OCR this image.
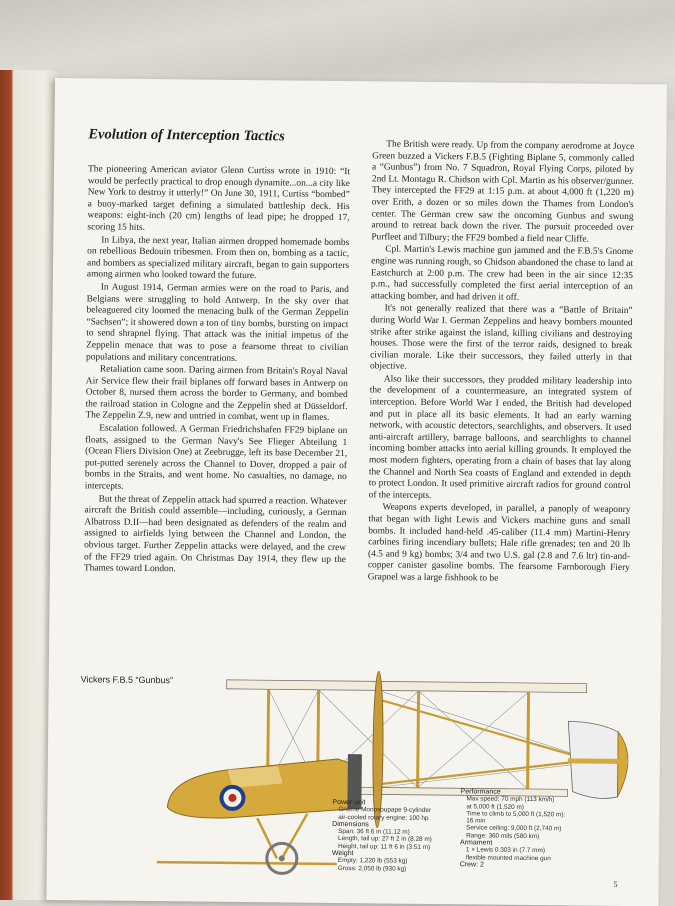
Evolution of Interception Tactics

The pioneering American aviator Glenn Curtiss wrote in 1910: “It would be perfectly practical to drop enough dynamite...on...a city like New York to destroy it utterly!” On June 30, 1911, Curtiss “bombed” a buoy-marked target defining a simulated battleship deck. His weapons: eight-inch (20 cm) lengths of lead pipe; he dropped 17, scoring 15 hits.

In Libya, the next year, Italian airmen dropped homemade bombs on rebellious Bedouin tribesmen. From then on, bombing as a tactic, and bombers as specialized military aircraft, began to gain supporters among airmen who looked toward the future.

In August 1914, German armies were on the road to Paris, and Belgians were struggling to hold Antwerp. In the sky over that beleaguered city loomed the menacing bulk of the German Zeppelin “Sachsen”; it showered down a ton of tiny bombs, bursting on impact to send shrapnel flying. That attack was the initial impetus of the Zeppelin menace that was to pose a fearsome threat to civilian populations and military concentrations.

Retaliation came soon. Daring airmen from Britain's Royal Naval Air Service flew their frail biplanes off forward bases in Antwerp on October 8, nursed them across the border to Germany, and bombed the railroad station in Cologne and the Zeppelin shed at Düsseldorf. The Zeppelin Z.9, new and untried in combat, went up in flames.

Escalation followed. A German Friedrichshafen FF29 biplane on floats, assigned to the German Navy's See Flieger Abteilung 1 (Ocean Fliers Division One) at Zeebrugge, left its base December 21, put-putted serenely across the Channel to Dover, dropped a pair of bombs in the Straits, and went home. No casualties, no damage, no intercepts.

But the threat of Zeppelin attack had spurred a reaction. Whatever aircraft the British could assemble—including, curiously, a German Albatross D.II—had been designated as defenders of the realm and assigned to airfields lying between the Channel and London, the obvious target. Further Zeppelin attacks were delayed, and the crew of the FF29 tried again. On Christmas Day 1914, they flew up the Thames toward London.

The British were ready. Up from the company aerodrome at Joyce Green buzzed a Vickers F.B.5 (Fighting Biplane 5, commonly called a “Gunbus”) from No. 7 Squadron, Royal Flying Corps, piloted by 2nd Lt. Montagu R. Chidson with Cpl. Martin as his observer/gunner. They intercepted the FF29 at 1:15 p.m. at about 4,000 ft (1,220 m) over Erith, a dozen or so miles down the Thames from London's center. The German crew saw the oncoming Gunbus and swung around to retreat back down the river. The pursuit proceeded over Purfleet and Tilbury; the FF29 bombed a field near Cliffe.

Cpl. Martin's Lewis machine gun jammed and the F.B.5's Gnome engine was running rough, so Chidson abandoned the chase to land at Eastchurch at 2:00 p.m. The crew had been in the air since 12:35 p.m., had successfully completed the first aerial interception of an attacking bomber, and had driven it off.

It's not generally realized that there was a “Battle of Britain” during World War I. German Zeppelins and heavy bombers mounted strike after strike against the island, killing civilians and destroying houses. Those were the first of the terror raids, designed to break civilian morale. Like their successors, they failed utterly in that objective.

Also like their successors, they prodded military leadership into the development of a countermeasure, an integrated system of interception. Before World War I ended, the British had developed and put in place all its basic elements. It had an early warning network, with acoustic detectors, searchlights, and observers. It used anti-aircraft artillery, barrage balloons, and searchlights to channel incoming bomber attacks into aerial killing grounds. It employed the most modern fighters, operating from a chain of bases that lay along the Channel and North Sea coasts of England and extended in depth to protect London. It used primitive aircraft radios for ground control of the intercepts.

Weapons experts developed, in parallel, a panoply of weaponry that began with light Lewis and Vickers machine guns and small bombs. It included hand-held .45-caliber (11.4 mm) Martini-Henry carbines firing incendiary bullets; Hale rifle grenades; ten and 20 lb (4.5 and 9 kg) bombs; 3/4 and two U.S. gal (2.8 and 7.6 ltr) tin-and-copper canister gasoline bombs. The fearsome Farnborough Fiery Grapnel was a large fishhook to be

Vickers F.B.5 “Gunbus”
Power unit
Gnôme Monosoupape 9-cylinder
air-cooled rotary engine: 100 hp
Dimensions
Span: 36 ft 6 in (11.12 m)
Length, tail up: 27 ft 2 in (8.28 m)
Height, tail up: 11 ft 6 in (3.51 m)
Weight
Empty: 1,220 lb (553 kg)
Gross: 2,050 lb (930 kg)
Performance
Max speed: 70 mph (113 km/h)
at 5,000 ft (1,520 m)
Time to climb to 5,000 ft (1,520 m):
16 min
Service ceiling: 9,000 ft (2,740 m)
Range: 360 mils (580 km)
Armament
1 × Lewis 0.303 in (7.7 mm)
flexible mounted machine gun
Crew: 2
5
